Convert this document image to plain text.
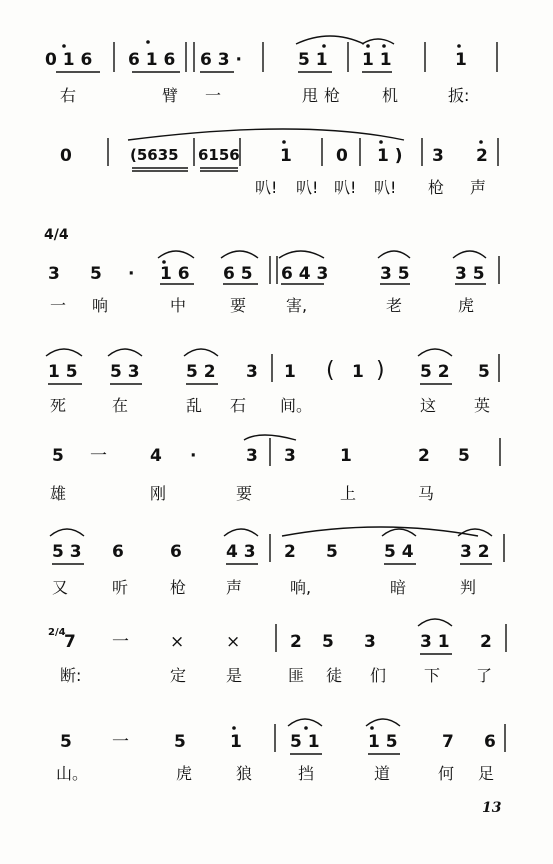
0 1 6 6 1 6 6 3 ·	5 1 1 1	1
右	臂 一	甩枪 机	扳:
0	(5635 6156 1	0 1 ) 3 2
叭! 叭! 叭! 叭! 枪 声
4/4
3 5 · 1 6 6 5 6 4 3	3 5	3 5
一 响	中	要 害,	老	虎
1 5 5 3	5 2 3 1 ( 1 ) 5 2 5
死	在	乱 石 间。	这 英
5 一	4 ·	3 3	1	2 5
雄	刚	要	上	马
5 3 6	6	4 3 2 5	5 4	3 2
又	听	枪 声	响,	暗	判
2/4
7 一 × ×	2 5 3	3 1 2
断:	定 是	匪 徒 们 下 了
5 一	5	1	5 1	1 5	7 6
山。	虎	狼	挡	道	何 足
13
